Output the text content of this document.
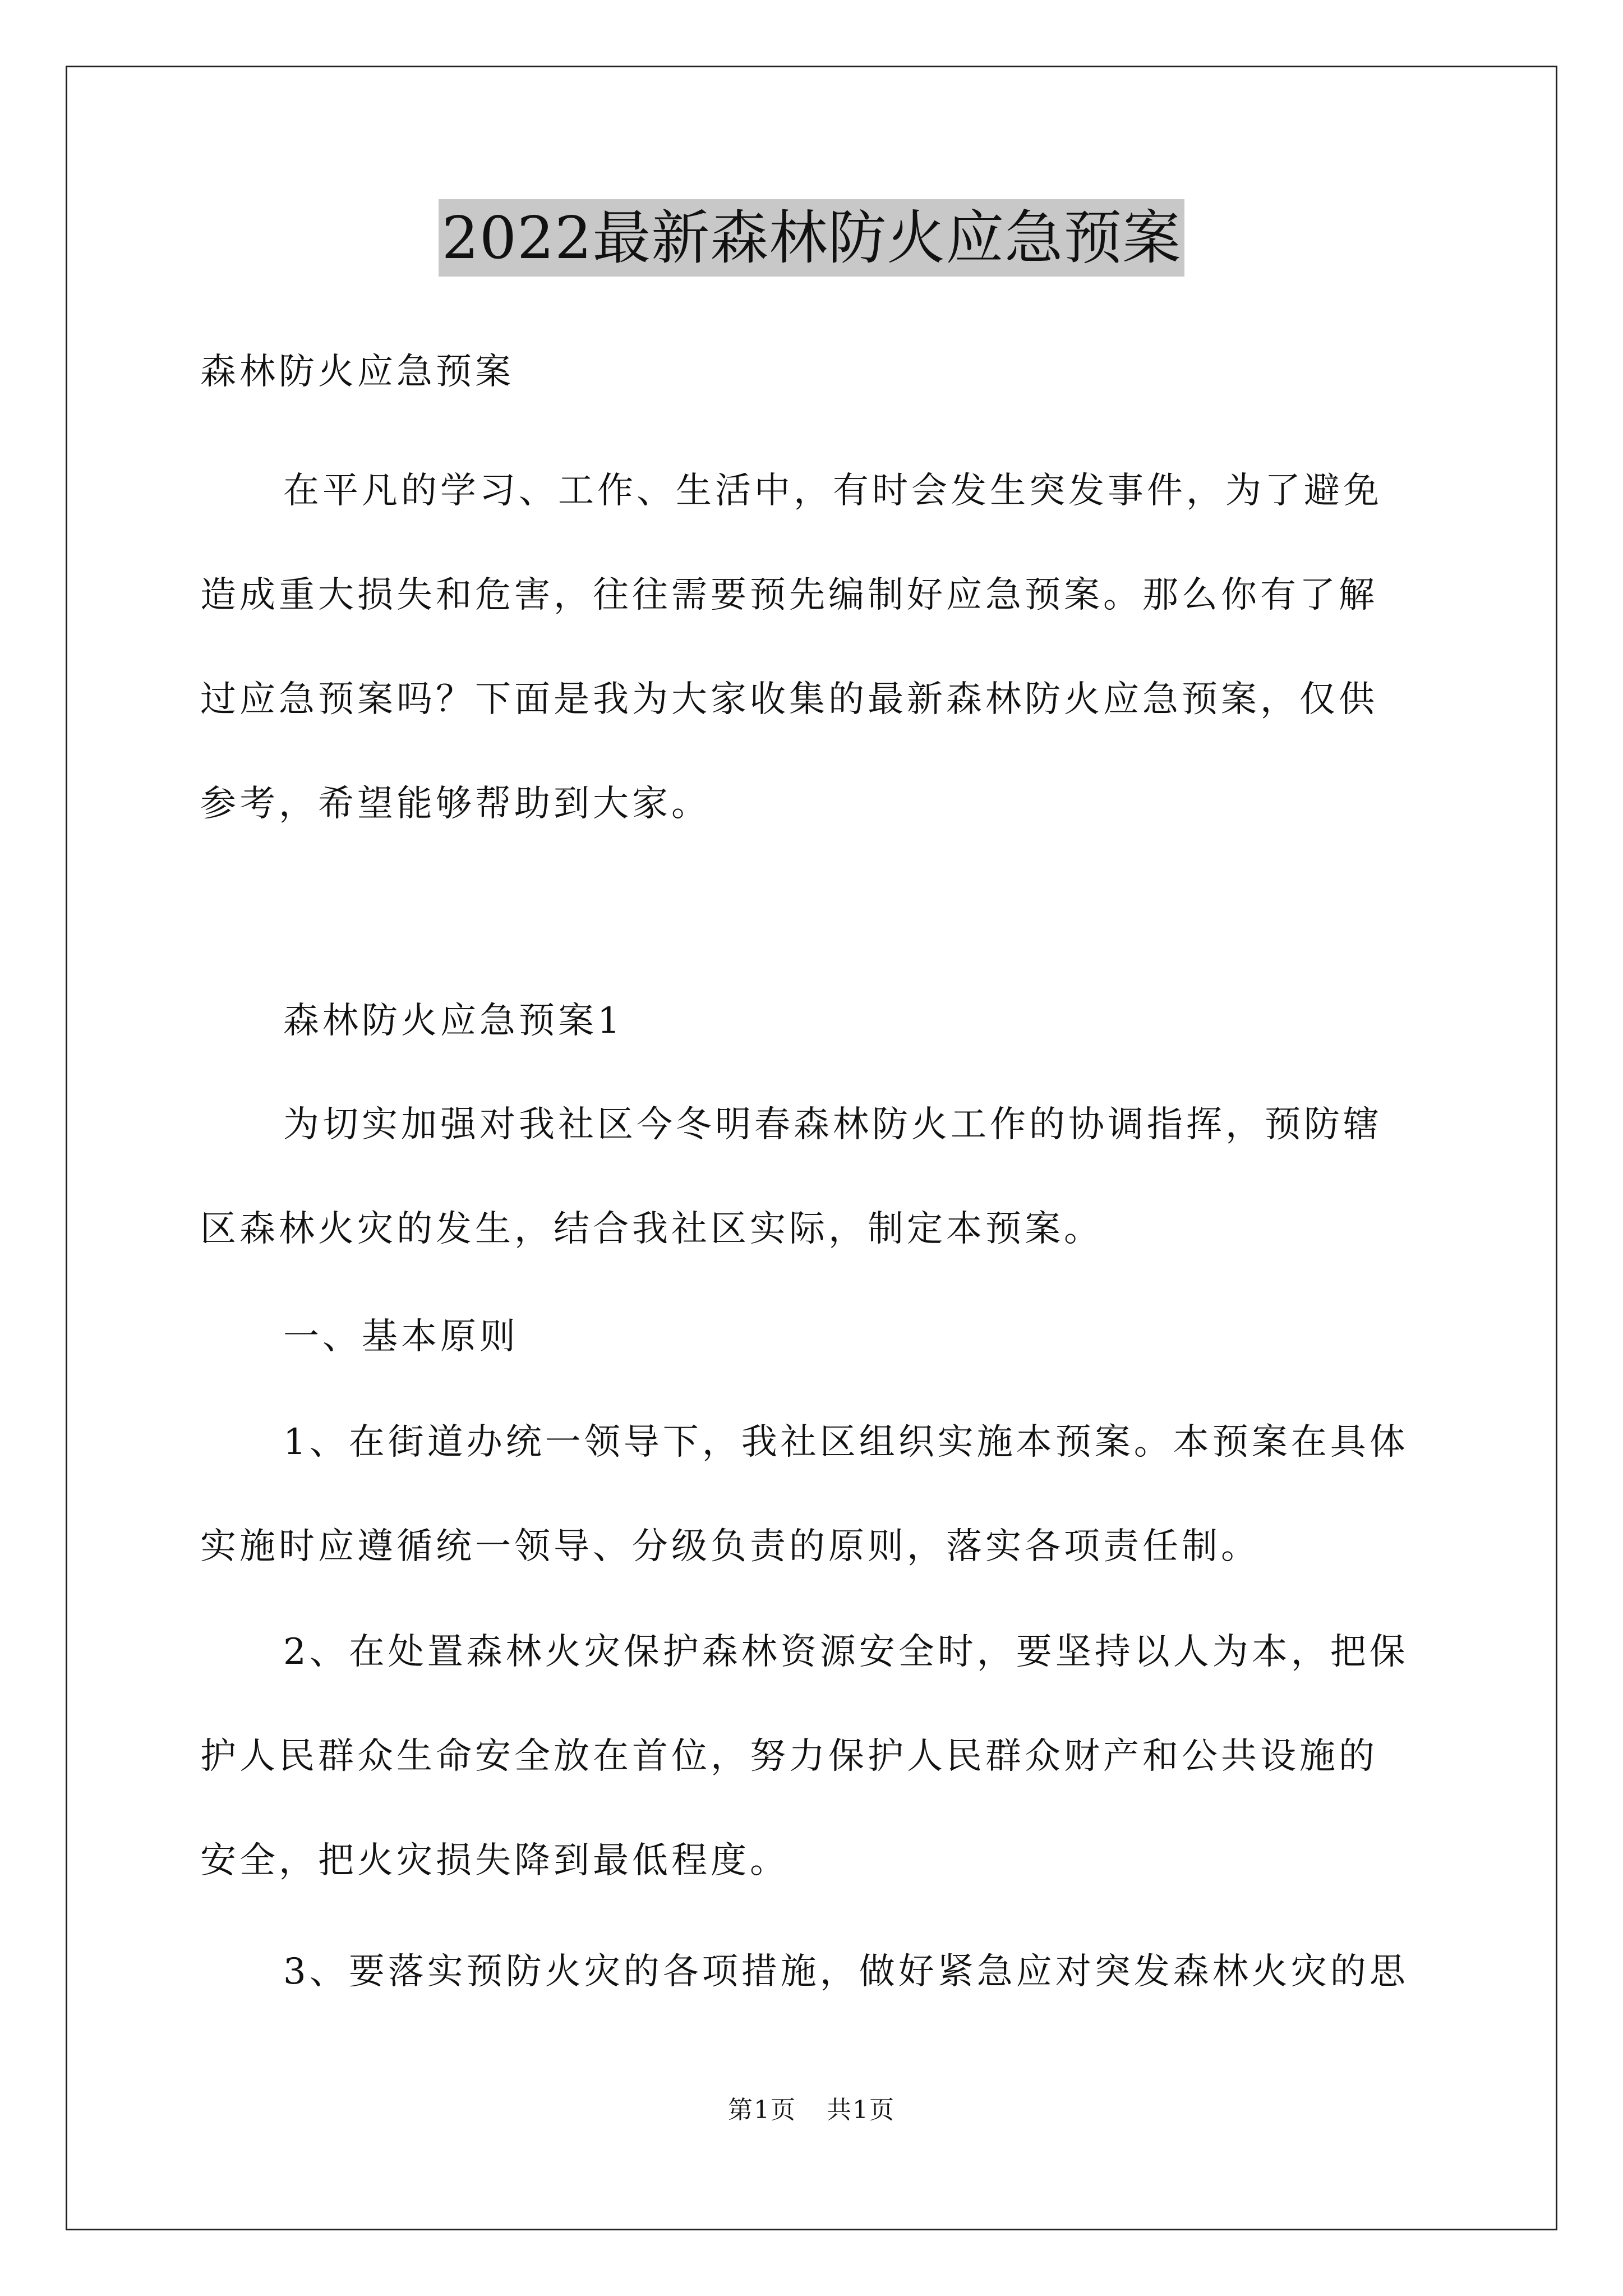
2022最新森林防火应急预案

森林防火应急预案

在平凡的学习、工作、生活中，有时会发生突发事件，为了避免
造成重大损失和危害，往往需要预先编制好应急预案。那么你有了解
过应急预案吗？下面是我为大家收集的最新森林防火应急预案，仅供
参考，希望能够帮助到大家。

森林防火应急预案1

为切实加强对我社区今冬明春森林防火工作的协调指挥，预防辖
区森林火灾的发生，结合我社区实际，制定本预案。

一、基本原则

1、在街道办统一领导下，我社区组织实施本预案。本预案在具体
实施时应遵循统一领导、分级负责的原则，落实各项责任制。

2、在处置森林火灾保护森林资源安全时，要坚持以人为本，把保
护人民群众生命安全放在首位，努力保护人民群众财产和公共设施的
安全，把火灾损失降到最低程度。

3、要落实预防火灾的各项措施，做好紧急应对突发森林火灾的思

第1页 共1页
